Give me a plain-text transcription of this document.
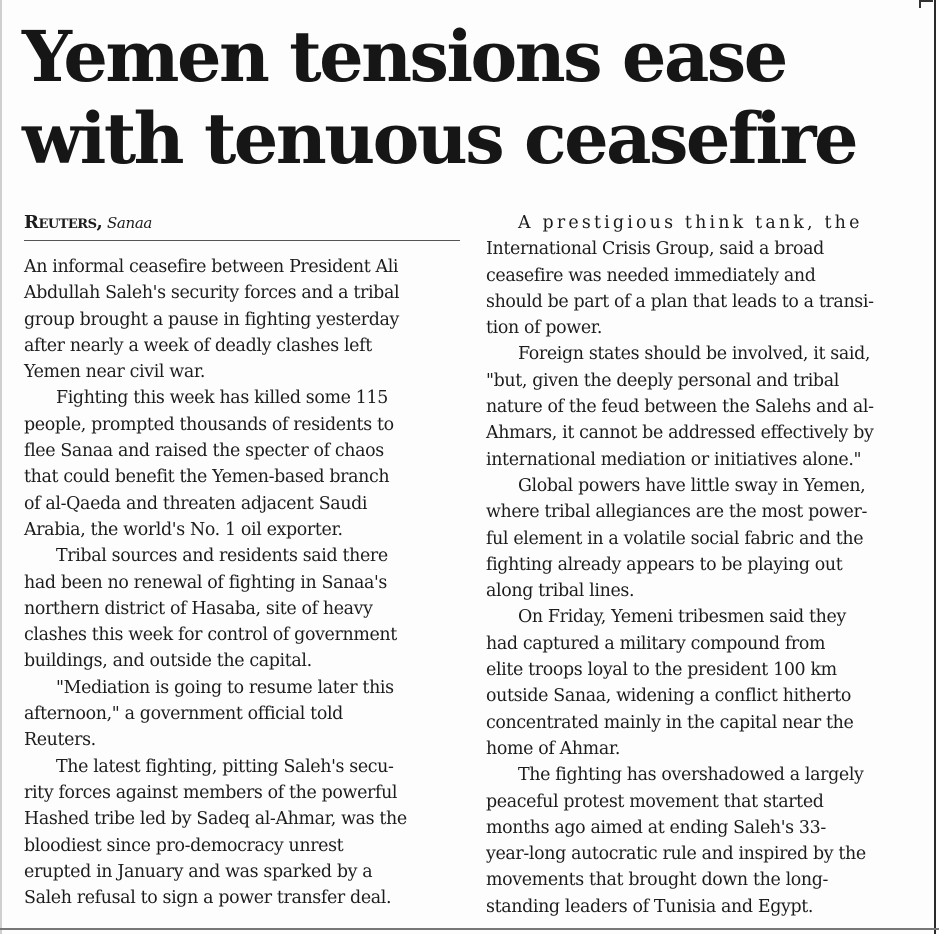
Yemen tensions ease
with tenuous ceasefire

Reuters, Sanaa

An informal ceasefire between President Ali
Abdullah Saleh's security forces and a tribal
group brought a pause in fighting yesterday
after nearly a week of deadly clashes left
Yemen near civil war.

Fighting this week has killed some 115
people, prompted thousands of residents to
flee Sanaa and raised the specter of chaos
that could benefit the Yemen-based branch
of al-Qaeda and threaten adjacent Saudi
Arabia, the world's No. 1 oil exporter.

Tribal sources and residents said there
had been no renewal of fighting in Sanaa's
northern district of Hasaba, site of heavy
clashes this week for control of government
buildings, and outside the capital.

"Mediation is going to resume later this
afternoon," a government official told
Reuters.

The latest fighting, pitting Saleh's secu-
rity forces against members of the powerful
Hashed tribe led by Sadeq al-Ahmar, was the
bloodiest since pro-democracy unrest
erupted in January and was sparked by a
Saleh refusal to sign a power transfer deal.

A prestigious think tank, the
International Crisis Group, said a broad
ceasefire was needed immediately and
should be part of a plan that leads to a transi-
tion of power.

Foreign states should be involved, it said,
"but, given the deeply personal and tribal
nature of the feud between the Salehs and al-
Ahmars, it cannot be addressed effectively by
international mediation or initiatives alone."

Global powers have little sway in Yemen,
where tribal allegiances are the most power-
ful element in a volatile social fabric and the
fighting already appears to be playing out
along tribal lines.

On Friday, Yemeni tribesmen said they
had captured a military compound from
elite troops loyal to the president 100 km
outside Sanaa, widening a conflict hitherto
concentrated mainly in the capital near the
home of Ahmar.

The fighting has overshadowed a largely
peaceful protest movement that started
months ago aimed at ending Saleh's 33-
year-long autocratic rule and inspired by the
movements that brought down the long-
standing leaders of Tunisia and Egypt.
